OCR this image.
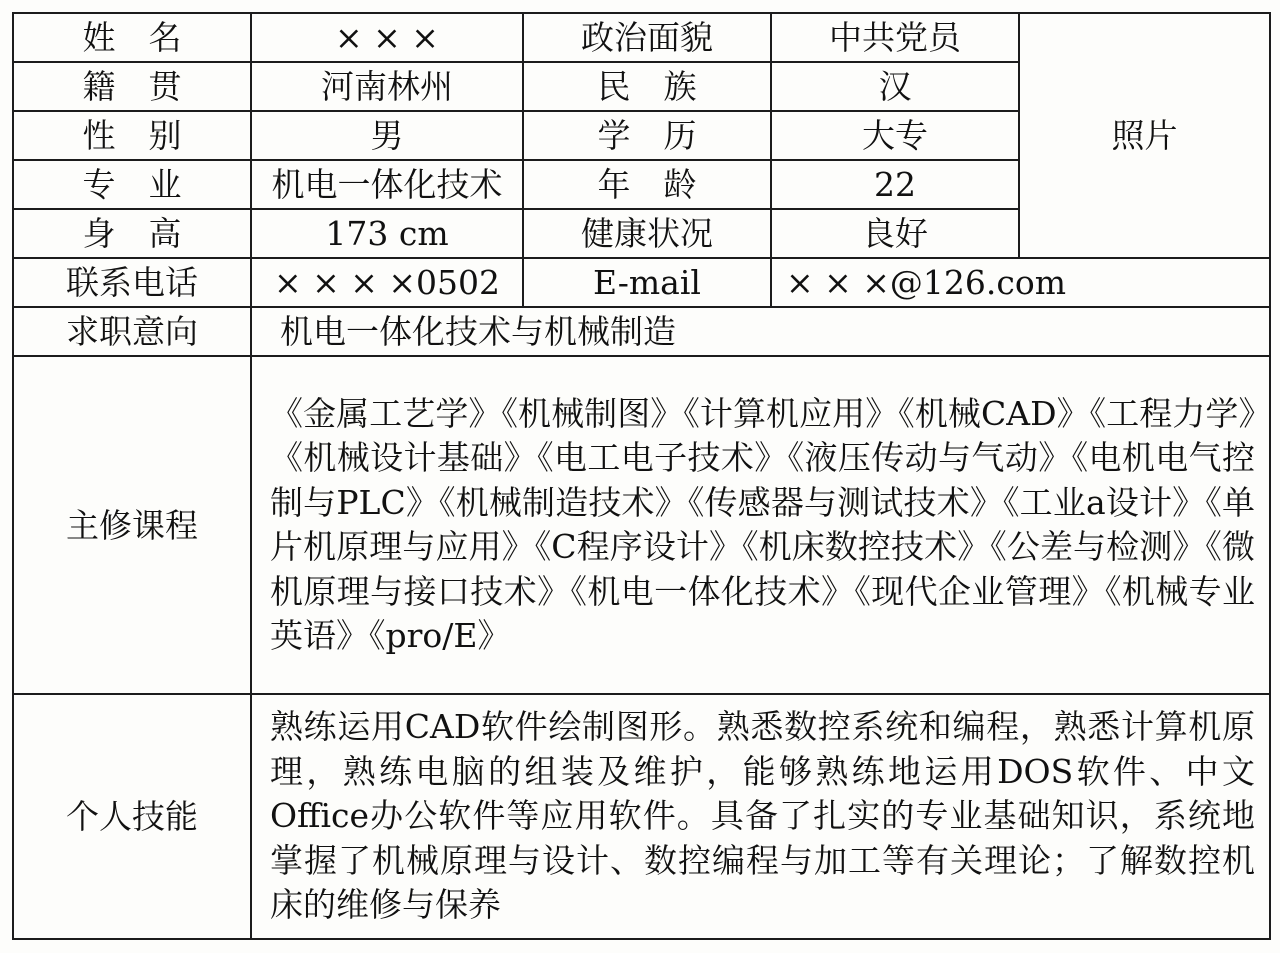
姓　名	× × ×	政治面貌	中共党员	照片
籍　贯	河南林州	民　族	汉	
性　别	男	学　历	大专	
专　业	机电一体化技术	年　龄	22	
身　高	173 cm	健康状况	良好	
联系电话	× × × ×0502	E-mail	× × ×@126.com	
求职意向	机电一体化技术与机械制造			
主修课程	《金属工艺学》《机械制图》《计算机应用》《机械CAD》《工程力学》《机械设计基础》《电工电子技术》《液压传动与气动》《电机电气控制与PLC》《机械制造技术》《传感器与测试技术》《工业a设计》《单片机原理与应用》《C程序设计》《机床数控技术》《公差与检测》《微机原理与接口技术》《机电一体化技术》《现代企业管理》《机械专业英语》《pro/E》			
个人技能	熟练运用CAD软件绘制图形。熟悉数控系统和编程，熟悉计算机原理，熟练电脑的组装及维护，能够熟练地运用DOS软件、中文Office办公软件等应用软件。具备了扎实的专业基础知识，系统地掌握了机械原理与设计、数控编程与加工等有关理论；了解数控机床的维修与保养			
